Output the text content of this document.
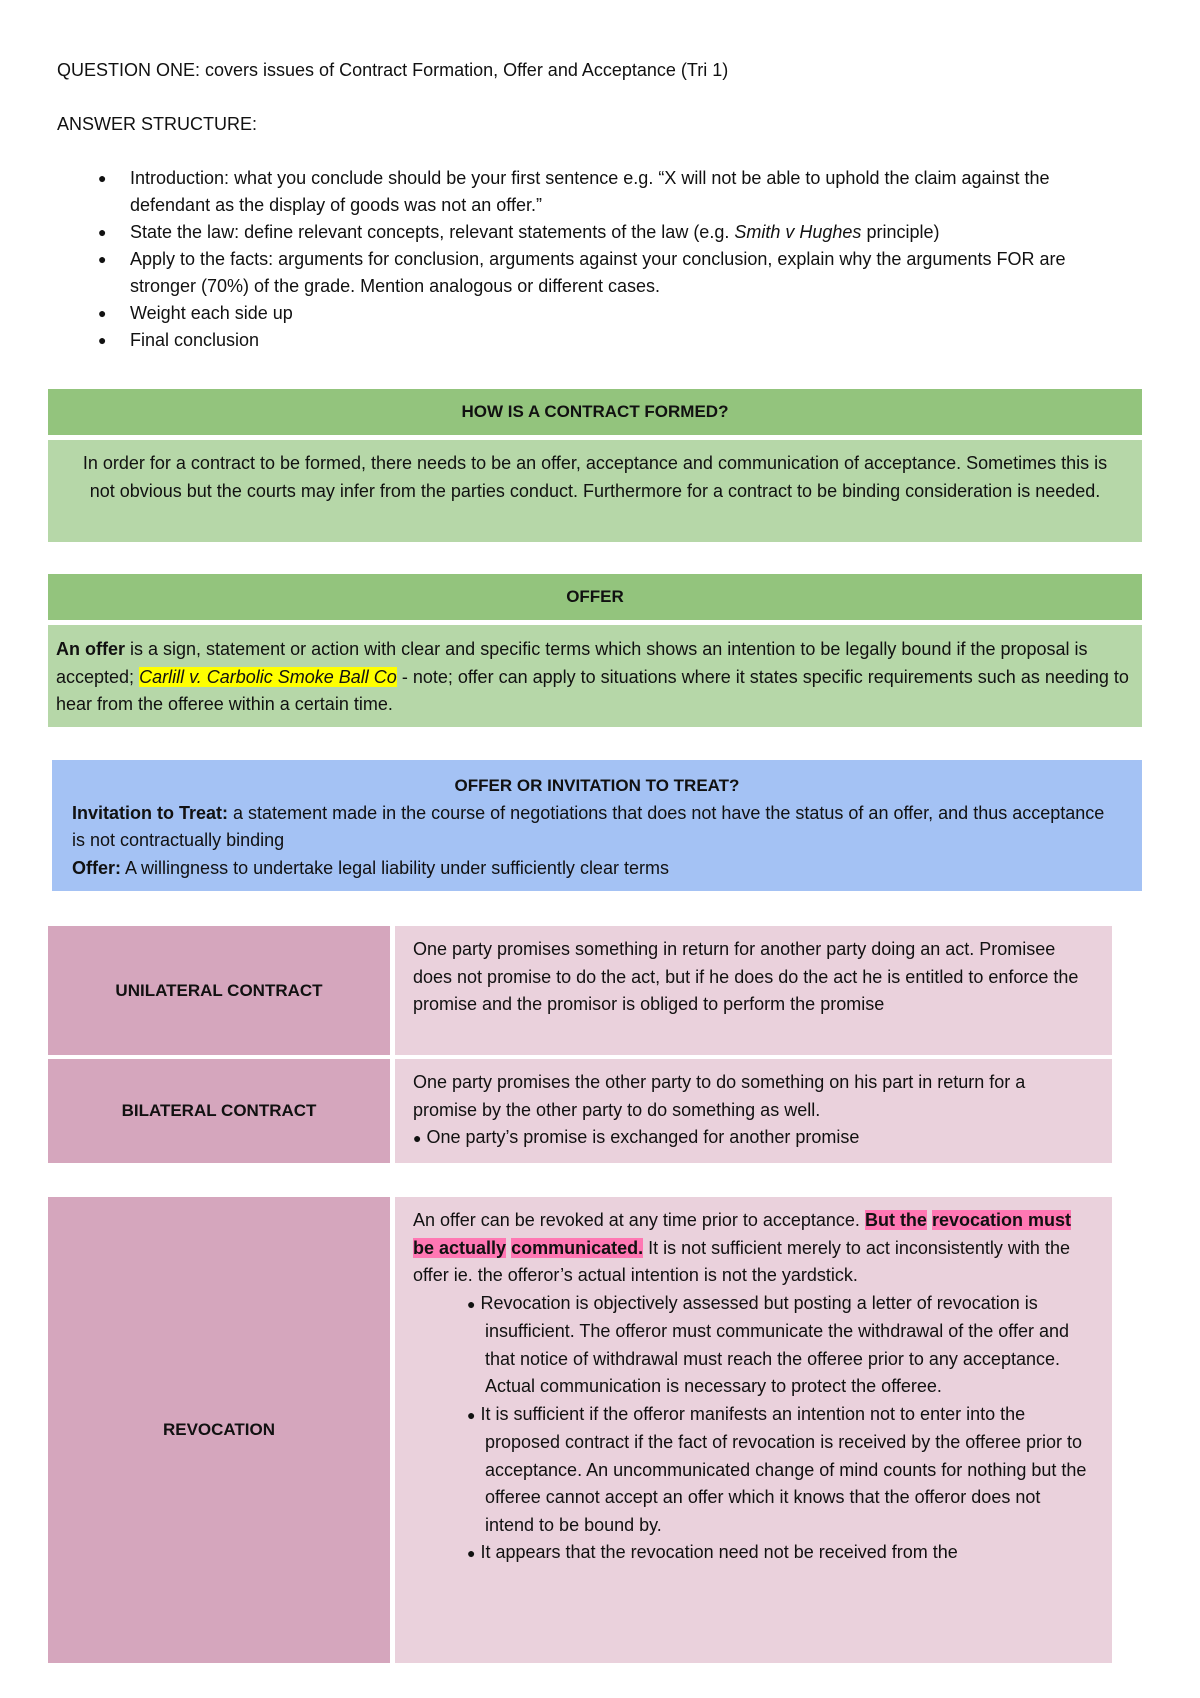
QUESTION ONE: covers issues of Contract Formation, Offer and Acceptance (Tri 1)
ANSWER STRUCTURE:
● Introduction: what you conclude should be your first sentence e.g. “X will not be able to uphold the claim against the defendant as the display of goods was not an offer.”
● State the law: define relevant concepts, relevant statements of the law (e.g. Smith v Hughes principle)
● Apply to the facts: arguments for conclusion, arguments against your conclusion, explain why the arguments FOR are stronger (70%) of the grade. Mention analogous or different cases.
● Weight each side up
● Final conclusion
HOW IS A CONTRACT FORMED?
In order for a contract to be formed, there needs to be an offer, acceptance and communication of acceptance. Sometimes this is not obvious but the courts may infer from the parties conduct. Furthermore for a contract to be binding consideration is needed.
OFFER
An offer is a sign, statement or action with clear and specific terms which shows an intention to be legally bound if the proposal is accepted; Carlill v. Carbolic Smoke Ball Co - note; offer can apply to situations where it states specific requirements such as needing to hear from the offeree within a certain time.
OFFER OR INVITATION TO TREAT?
Invitation to Treat: a statement made in the course of negotiations that does not have the status of an offer, and thus acceptance is not contractually binding
Offer: A willingness to undertake legal liability under sufficiently clear terms
UNILATERAL CONTRACT
One party promises something in return for another party doing an act. Promisee does not promise to do the act, but if he does do the act he is entitled to enforce the promise and the promisor is obliged to perform the promise
BILATERAL CONTRACT
One party promises the other party to do something on his part in return for a promise by the other party to do something as well.
● One party’s promise is exchanged for another promise
REVOCATION
An offer can be revoked at any time prior to acceptance. But the revocation must be actually communicated. It is not sufficient merely to act inconsistently with the offer ie. the offeror’s actual intention is not the yardstick.
● Revocation is objectively assessed but posting a letter of revocation is insufficient. The offeror must communicate the withdrawal of the offer and that notice of withdrawal must reach the offeree prior to any acceptance. Actual communication is necessary to protect the offeree.
● It is sufficient if the offeror manifests an intention not to enter into the proposed contract if the fact of revocation is received by the offeree prior to acceptance. An uncommunicated change of mind counts for nothing but the offeree cannot accept an offer which it knows that the offeror does not intend to be bound by.
● It appears that the revocation need not be received from the
